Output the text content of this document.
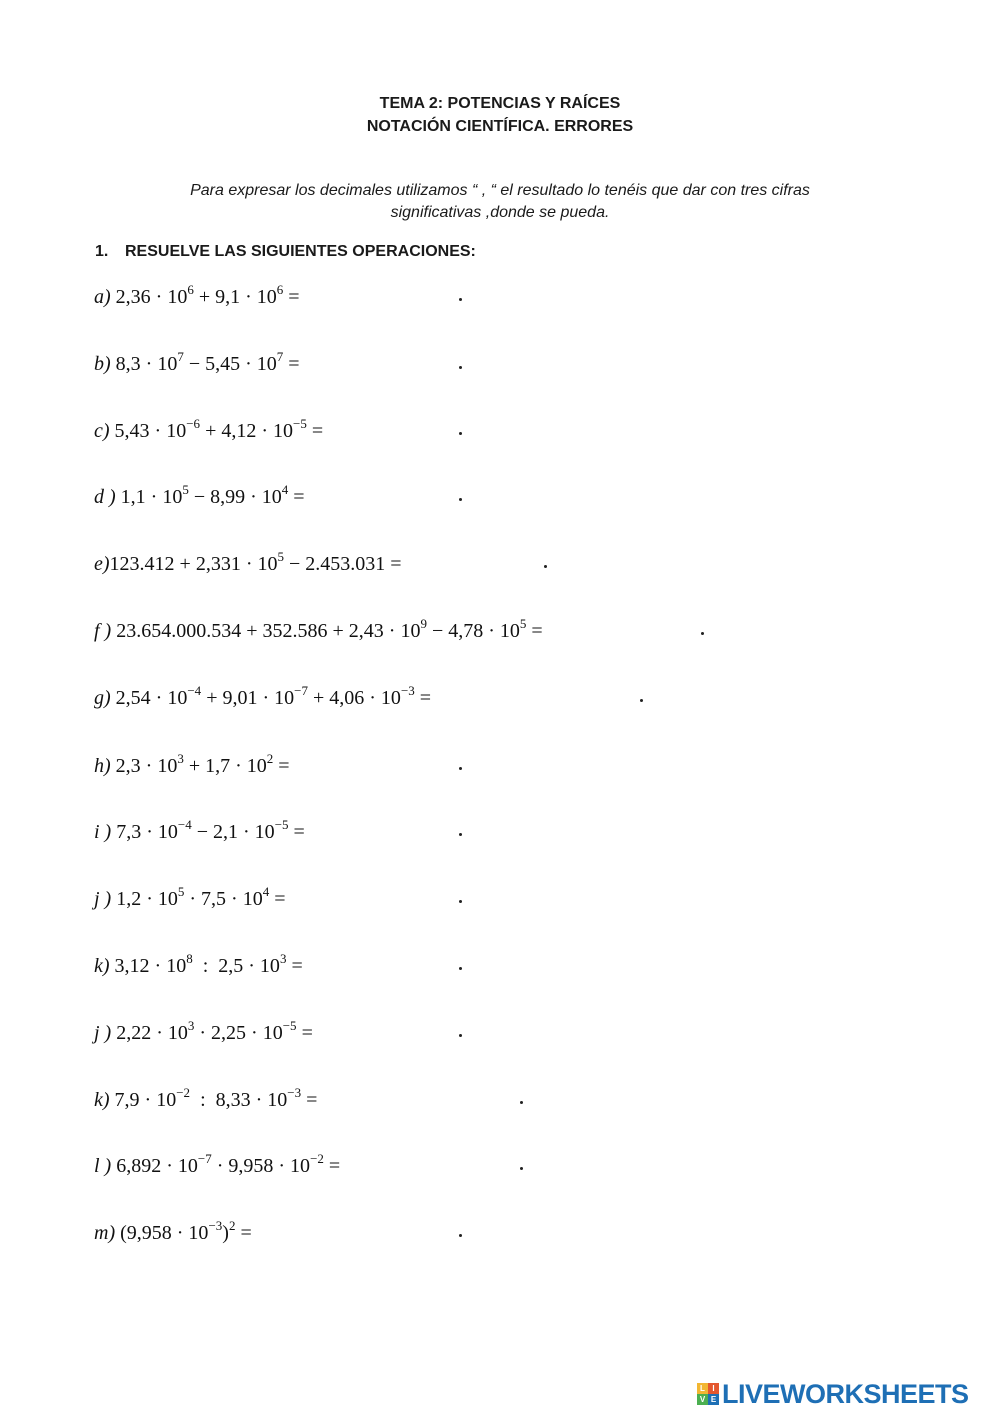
TEMA 2: POTENCIAS Y RAÍCES
NOTACIÓN CIENTÍFICA. ERRORES
Para expresar los decimales utilizamos “ , “ el resultado lo tenéis que dar con tres cifras
significativas ,donde se pueda.
1. RESUELVE LAS SIGUIENTES OPERACIONES:
a) $2,36 \cdot 10^6 + 9,1 \cdot 10^6$ =
b) $8,3 \cdot 10^7 - 5,45 \cdot 10^7$ =
c) $5,43 \cdot 10^{-6} + 4,12 \cdot 10^{-5}$ =
d ) $1,1 \cdot 10^5 - 8,99 \cdot 10^4$ =
$e)123.412 + 2,331 \cdot 10^5 - 2.453.031$ =
f ) $23.654.000.534 + 352.586 + 2,43 \cdot 10^9 - 4,78 \cdot 10^5$ =
g) $2,54 \cdot 10^{-4} + 9,01 \cdot 10^{-7} + 4,06 \cdot 10^{-3}$ =
h) $2,3 \cdot 10^3 + 1,7 \cdot 10^2$ =
i ) $7,3 \cdot 10^{-4} - 2,1 \cdot 10^{-5}$ =
j ) $1,2 \cdot 10^5 \cdot 7,5 \cdot 10^4$ =
k) $3,12 \cdot 10^8$  :  $2,5 \cdot 10^3$ =
j ) $2,22 \cdot 10^3 \cdot 2,25 \cdot 10^{-5}$ =
k) $7,9 \cdot 10^{-2}$  :  $8,33 \cdot 10^{-3}$ =
l ) $6,892 \cdot 10^{-7} \cdot 9,958 \cdot 10^{-2}$ =
m) $(9,958 \cdot 10^{-3})^2$ =
L I
V E LIVEWORKSHEETS
